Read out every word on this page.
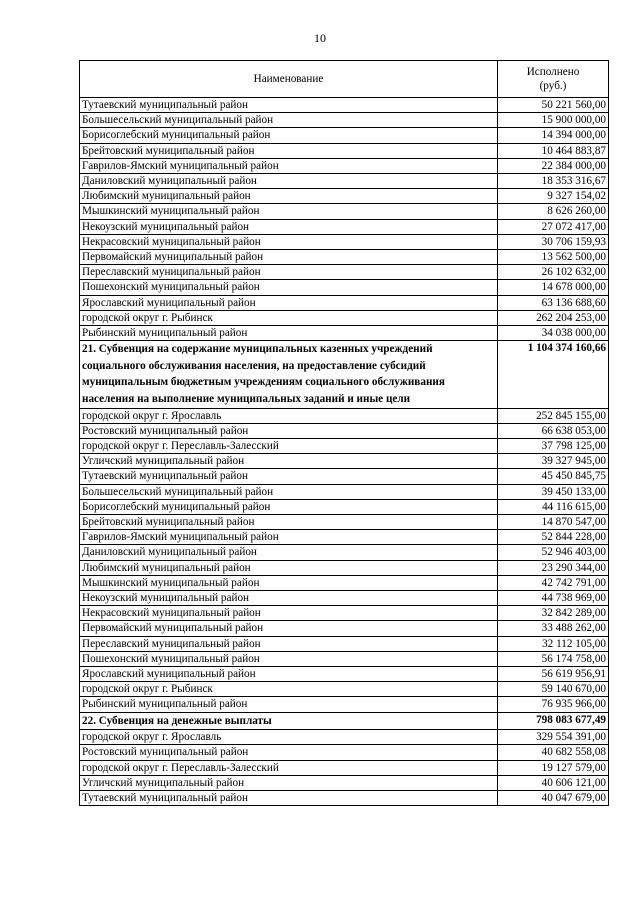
10
Наименование	Исполнено
(руб.)

Тутаевский муниципальный район	50 221 560,00
Большесельский муниципальный район	15 900 000,00
Борисоглебский муниципальный район	14 394 000,00
Брейтовский муниципальный район	10 464 883,87
Гаврилов-Ямский муниципальный район	22 384 000,00
Даниловский муниципальный район	18 353 316,67
Любимский муниципальный район	9 327 154,02
Мышкинский муниципальный район	8 626 260,00
Некоузский муниципальный район	27 072 417,00
Некрасовский муниципальный район	30 706 159,93
Первомайский муниципальный район	13 562 500,00
Переславский муниципальный район	26 102 632,00
Пошехонский муниципальный район	14 678 000,00
Ярославский муниципальный район	63 136 688,60
городской округ г. Рыбинск	262 204 253,00
Рыбинский муниципальный район	34 038 000,00
21. Субвенция на содержание муниципальных казенных учреждений социального обслуживания населения, на предоставление субсидий муниципальным бюджетным учреждениям социального обслуживания населения на выполнение муниципальных заданий и иные цели	1 104 374 160,66
городской округ г. Ярославль	252 845 155,00
Ростовский муниципальный район	66 638 053,00
городской округ г. Переславль-Залесский	37 798 125,00
Угличский муниципальный район	39 327 945,00
Тутаевский муниципальный район	45 450 845,75
Большесельский муниципальный район	39 450 133,00
Борисоглебский муниципальный район	44 116 615,00
Брейтовский муниципальный район	14 870 547,00
Гаврилов-Ямский муниципальный район	52 844 228,00
Даниловский муниципальный район	52 946 403,00
Любимский муниципальный район	23 290 344,00
Мышкинский муниципальный район	42 742 791,00
Некоузский муниципальный район	44 738 969,00
Некрасовский муниципальный район	32 842 289,00
Первомайский муниципальный район	33 488 262,00
Переславский муниципальный район	32 112 105,00
Пошехонский муниципальный район	56 174 758,00
Ярославский муниципальный район	56 619 956,91
городской округ г. Рыбинск	59 140 670,00
Рыбинский муниципальный район	76 935 966,00
22. Субвенция на денежные выплаты	798 083 677,49
городской округ г. Ярославль	329 554 391,00
Ростовский муниципальный район	40 682 558,08
городской округ г. Переславль-Залесский	19 127 579,00
Угличский муниципальный район	40 606 121,00
Тутаевский муниципальный район	40 047 679,00
